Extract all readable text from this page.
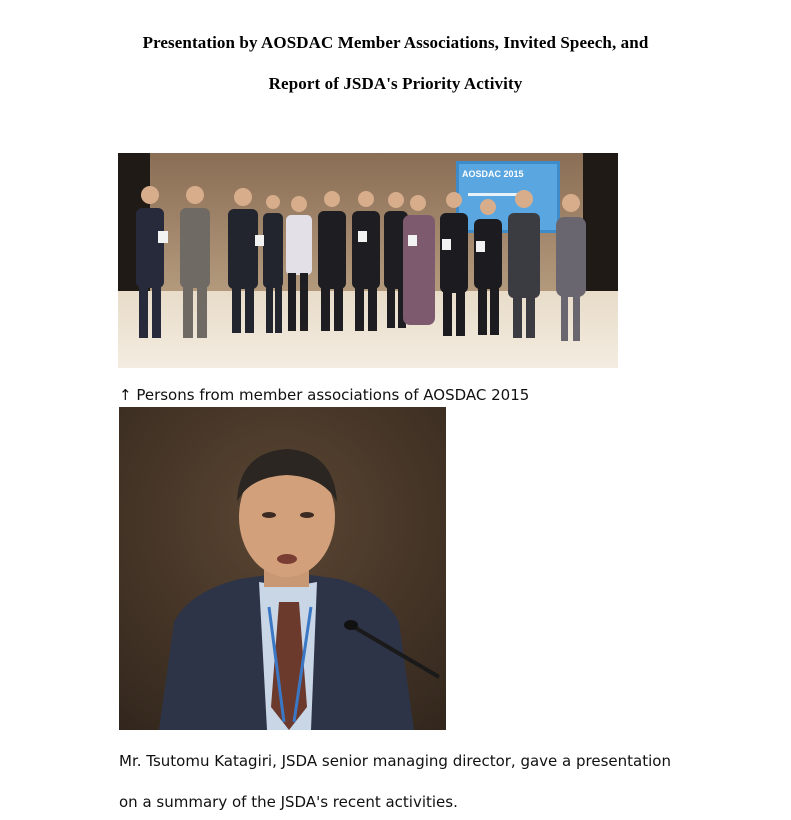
Presentation by AOSDAC Member Associations, Invited Speech, and
Report of JSDA's Priority Activity
AOSDAC 2015
↑ Persons from member associations of AOSDAC 2015
Mr. Tsutomu Katagiri, JSDA senior managing director, gave a presentation
on a summary of the JSDA's recent activities.
